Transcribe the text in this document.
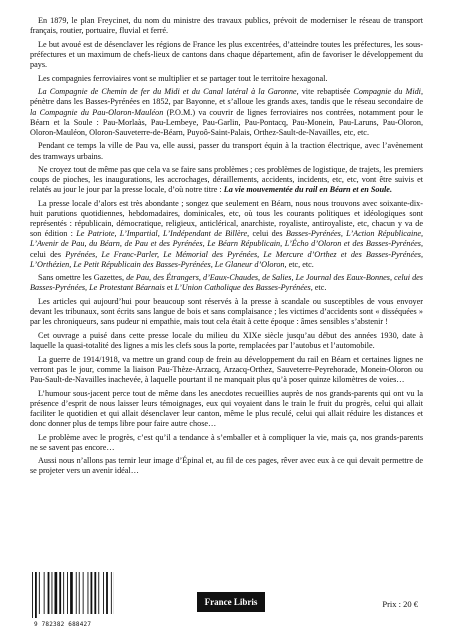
En 1879, le plan Freycinet, du nom du ministre des travaux publics, prévoit de moderniser le réseau de transport français, routier, portuaire, fluvial et ferré.

Le but avoué est de désenclaver les régions de France les plus excentrées, d’atteindre toutes les préfectures, les sous-préfectures et un maximum de chefs-lieux de cantons dans chaque département, afin de favoriser le développement du pays.

Les compagnies ferroviaires vont se multiplier et se partager tout le territoire hexagonal.

La Compagnie de Chemin de fer du Midi et du Canal latéral à la Garonne, vite rebaptisée Compagnie du Midi, pénètre dans les Basses-Pyrénées en 1852, par Bayonne, et s’alloue les grands axes, tandis que le réseau secondaire de la Compagnie du Pau-Oloron-Mauléon (P.O.M.) va couvrir de lignes ferroviaires nos contrées, notamment pour le Béarn et la Soule : Pau-Morlaàs, Pau-Lembeye, Pau-Garlin, Pau-Pontacq, Pau-Monein, Pau-Laruns, Pau-Oloron, Oloron-Mauléon, Oloron-Sauveterre-de-Béarn, Puyoô-Saint-Palais, Orthez-Sault-de-Navailles, etc, etc.

Pendant ce temps la ville de Pau va, elle aussi, passer du transport équin à la traction électrique, avec l’avènement des tramways urbains.

Ne croyez tout de même pas que cela va se faire sans problèmes ; ces problèmes de logistique, de trajets, les premiers coups de pioches, les inaugurations, les accrochages, déraillements, accidents, incidents, etc, etc, vont être suivis et relatés au jour le jour par la presse locale, d’où notre titre : La vie mouvementée du rail en Béarn et en Soule.

La presse locale d’alors est très abondante ; songez que seulement en Béarn, nous nous trouvons avec soixante-dix-huit parutions quotidiennes, hebdomadaires, dominicales, etc, où tous les courants politiques et idéologiques sont représentés : républicain, démocratique, religieux, anticlérical, anarchiste, royaliste, antiroyaliste, etc, chacun y va de son édition : Le Patriote, L’Impartial, L’Indépendant de Billère, celui des Basses-Pyrénées, L’Action Républicaine, L’Avenir de Pau, du Béarn, de Pau et des Pyrénées, Le Béarn Républicain, L’Écho d’Oloron et des Basses-Pyrénées, celui des Pyrénées, Le Franc-Parler, Le Mémorial des Pyrénées, Le Mercure d’Orthez et des Basses-Pyrénées, L’Orthézien, Le Petit Républicain des Basses-Pyrénées, Le Glaneur d’Oloron, etc, etc.

Sans omettre les Gazettes, de Pau, des Étrangers, d’Eaux-Chaudes, de Salies, Le Journal des Eaux-Bonnes, celui des Basses-Pyrénées, Le Protestant Béarnais et L’Union Catholique des Basses-Pyrénées, etc.

Les articles qui aujourd’hui pour beaucoup sont réservés à la presse à scandale ou susceptibles de vous envoyer devant les tribunaux, sont écrits sans langue de bois et sans complaisance ; les victimes d’accidents sont « disséquées » par les chroniqueurs, sans pudeur ni empathie, mais tout cela était à cette époque : âmes sensibles s’abstenir !

Cet ouvrage a puisé dans cette presse locale du milieu du XIXe siècle jusqu’au début des années 1930, date à laquelle la quasi-totalité des lignes a mis les clefs sous la porte, remplacées par l’autobus et l’automobile.

La guerre de 1914/1918, va mettre un grand coup de frein au développement du rail en Béarn et certaines lignes ne verront pas le jour, comme la liaison Pau-Thèze-Arzacq, Arzacq-Orthez, Sauveterre-Peyrehorade, Monein-Oloron ou Pau-Sault-de-Navailles inachevée, à laquelle pourtant il ne manquait plus qu’à poser quinze kilomètres de voies…

L’humour sous-jacent perce tout de même dans les anecdotes recueillies auprès de nos grands-parents qui ont vu la présence d’esprit de nous laisser leurs témoignages, eux qui voyaient dans le train le fruit du progrès, celui qui allait faciliter le quotidien et qui allait désenclaver leur canton, même le plus reculé, celui qui allait réduire les distances et donc donner plus de temps libre pour faire autre chose…

Le problème avec le progrès, c’est qu’il a tendance à s’emballer et à compliquer la vie, mais ça, nos grands-parents ne se savent pas encore…

Aussi nous n’allons pas ternir leur image d’Épinal et, au fil de ces pages, rêver avec eux à ce qui devait permettre de se projeter vers un avenir idéal…

9 782382 688427
France Libris	Prix : 20 €
